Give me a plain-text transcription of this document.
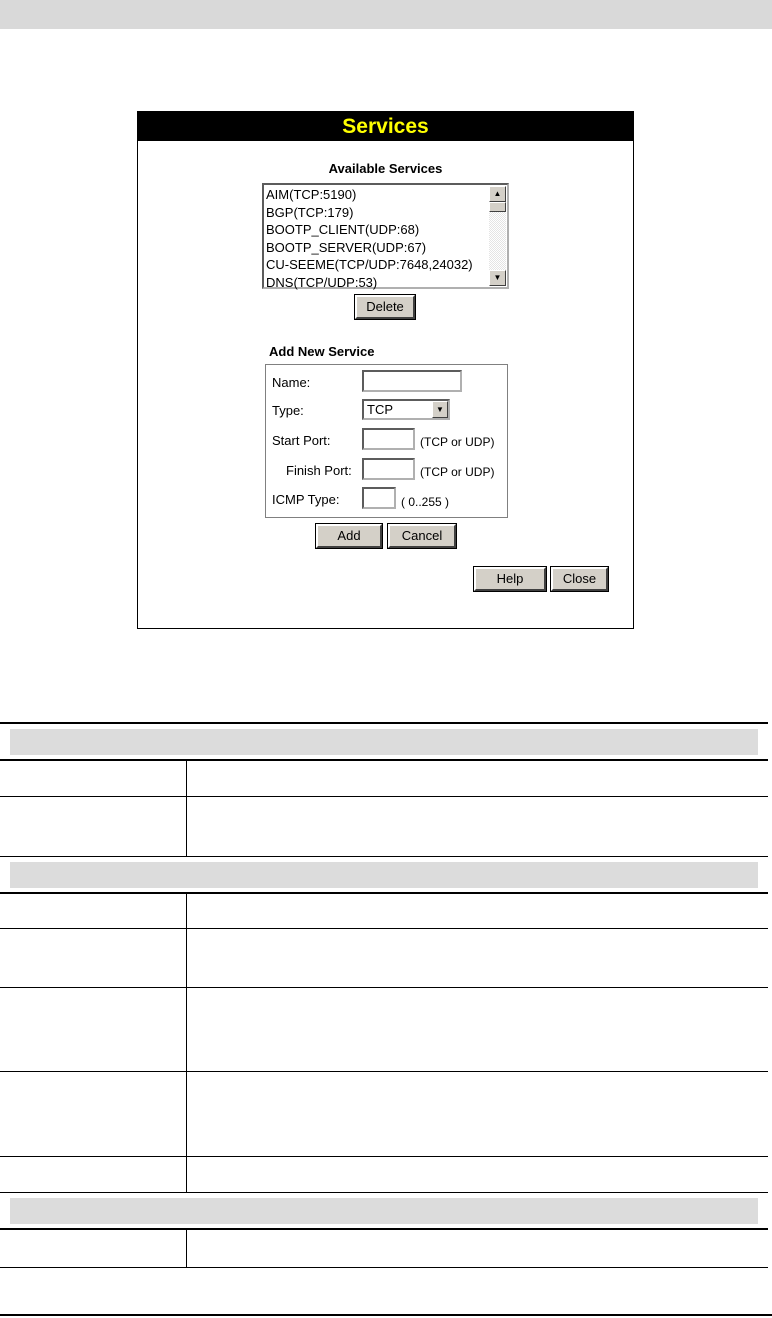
Services
Available Services
AIM(TCP:5190)
BGP(TCP:179)
BOOTP_CLIENT(UDP:68)
BOOTP_SERVER(UDP:67)
CU-SEEME(TCP/UDP:7648,24032)
DNS(TCP/UDP:53)
▲
▼
Delete
Add New Service
Name:
Type:	TCP	▼
Start Port:	(TCP or UDP)
Finish Port:	(TCP or UDP)
ICMP Type:	( 0..255 )
Add	Cancel
Help	Close
